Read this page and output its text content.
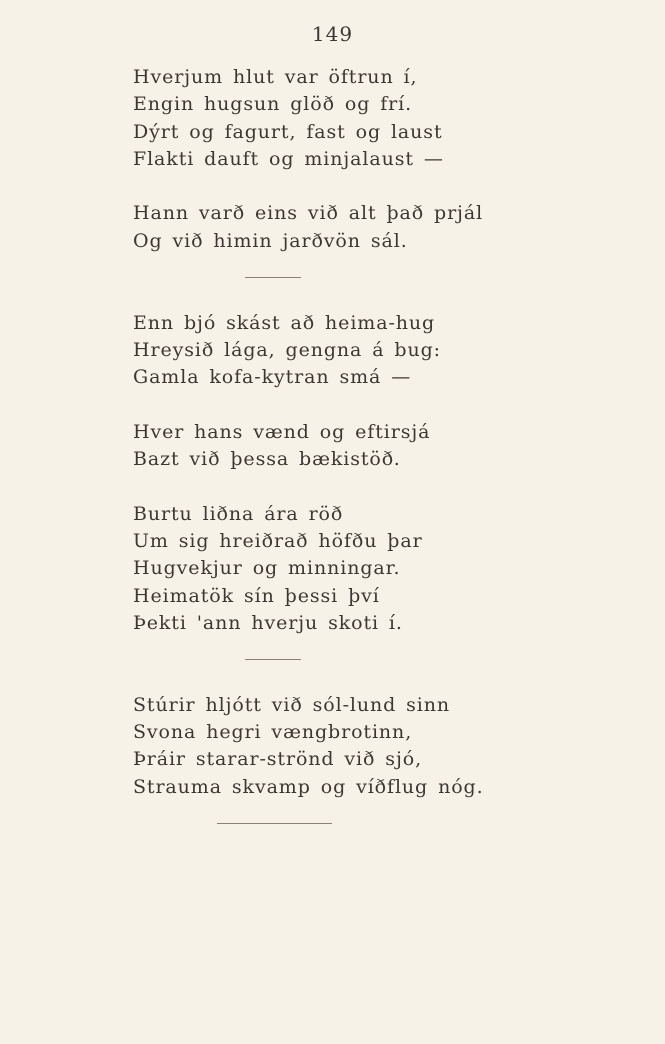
149
Hverjum hlut var öftrun í,
Engin hugsun glöð og frí.
Dýrt og fagurt, fast og laust
Flakti dauft og minjalaust —
Hann varð eins við alt það prjál
Og við himin jarðvön sál.
Enn bjó skást að heima-hug
Hreysið lága, gengna á bug:
Gamla kofa-kytran smá —
Hver hans vænd og eftirsjá
Bazt við þessa bækistöð.
Burtu liðna ára röð
Um sig hreiðrað höfðu þar
Hugvekjur og minningar.
Heimatök sín þessi því
Þekti 'ann hverju skoti í.
Stúrir hljótt við sól-lund sinn
Svona hegri vængbrotinn,
Þráir starar-strönd við sjó,
Strauma skvamp og víðflug nóg.
